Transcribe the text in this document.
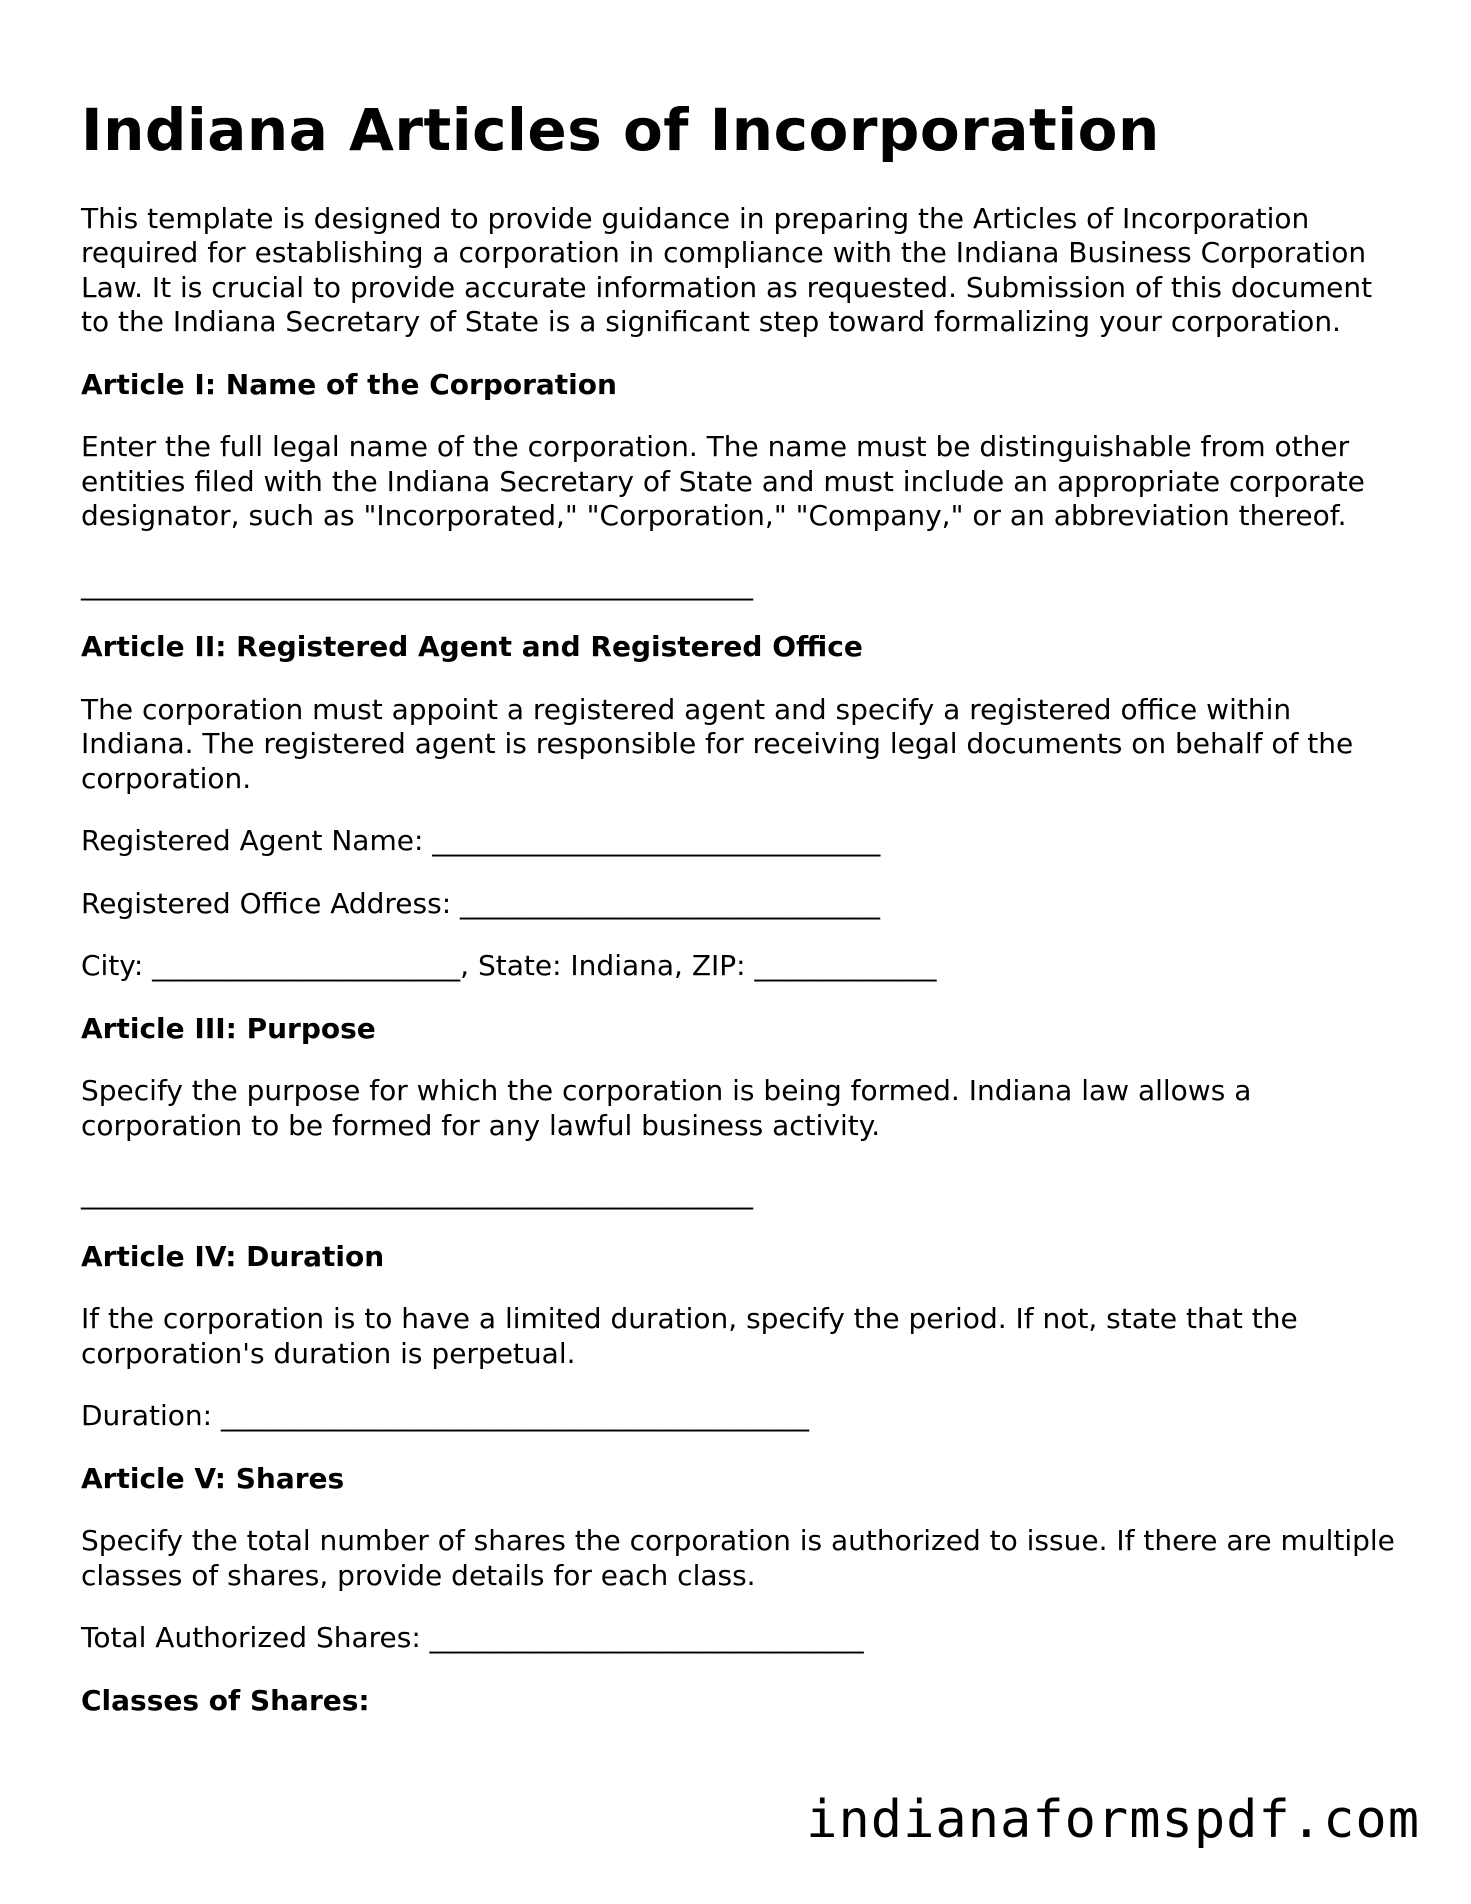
Indiana Articles of Incorporation

This template is designed to provide guidance in preparing the Articles of Incorporation required for establishing a corporation in compliance with the Indiana Business Corporation Law. It is crucial to provide accurate information as requested. Submission of this document to the Indiana Secretary of State is a significant step toward formalizing your corporation.

Article I: Name of the Corporation

Enter the full legal name of the corporation. The name must be distinguishable from other entities filed with the Indiana Secretary of State and must include an appropriate corporate designator, such as "Incorporated," "Corporation," "Company," or an abbreviation thereof.

________________________________________________
Article II: Registered Agent and Registered Office

The corporation must appoint a registered agent and specify a registered office within Indiana. The registered agent is responsible for receiving legal documents on behalf of the corporation.

Registered Agent Name: ________________________________
Registered Office Address: ______________________________
City: ______________________, State: Indiana, ZIP: _____________
Article III: Purpose

Specify the purpose for which the corporation is being formed. Indiana law allows a corporation to be formed for any lawful business activity.

________________________________________________
Article IV: Duration

If the corporation is to have a limited duration, specify the period. If not, state that the corporation's duration is perpetual.

Duration: __________________________________________
Article V: Shares

Specify the total number of shares the corporation is authorized to issue. If there are multiple classes of shares, provide details for each class.

Total Authorized Shares: _______________________________
Classes of Shares:
indianaformspdf.com
